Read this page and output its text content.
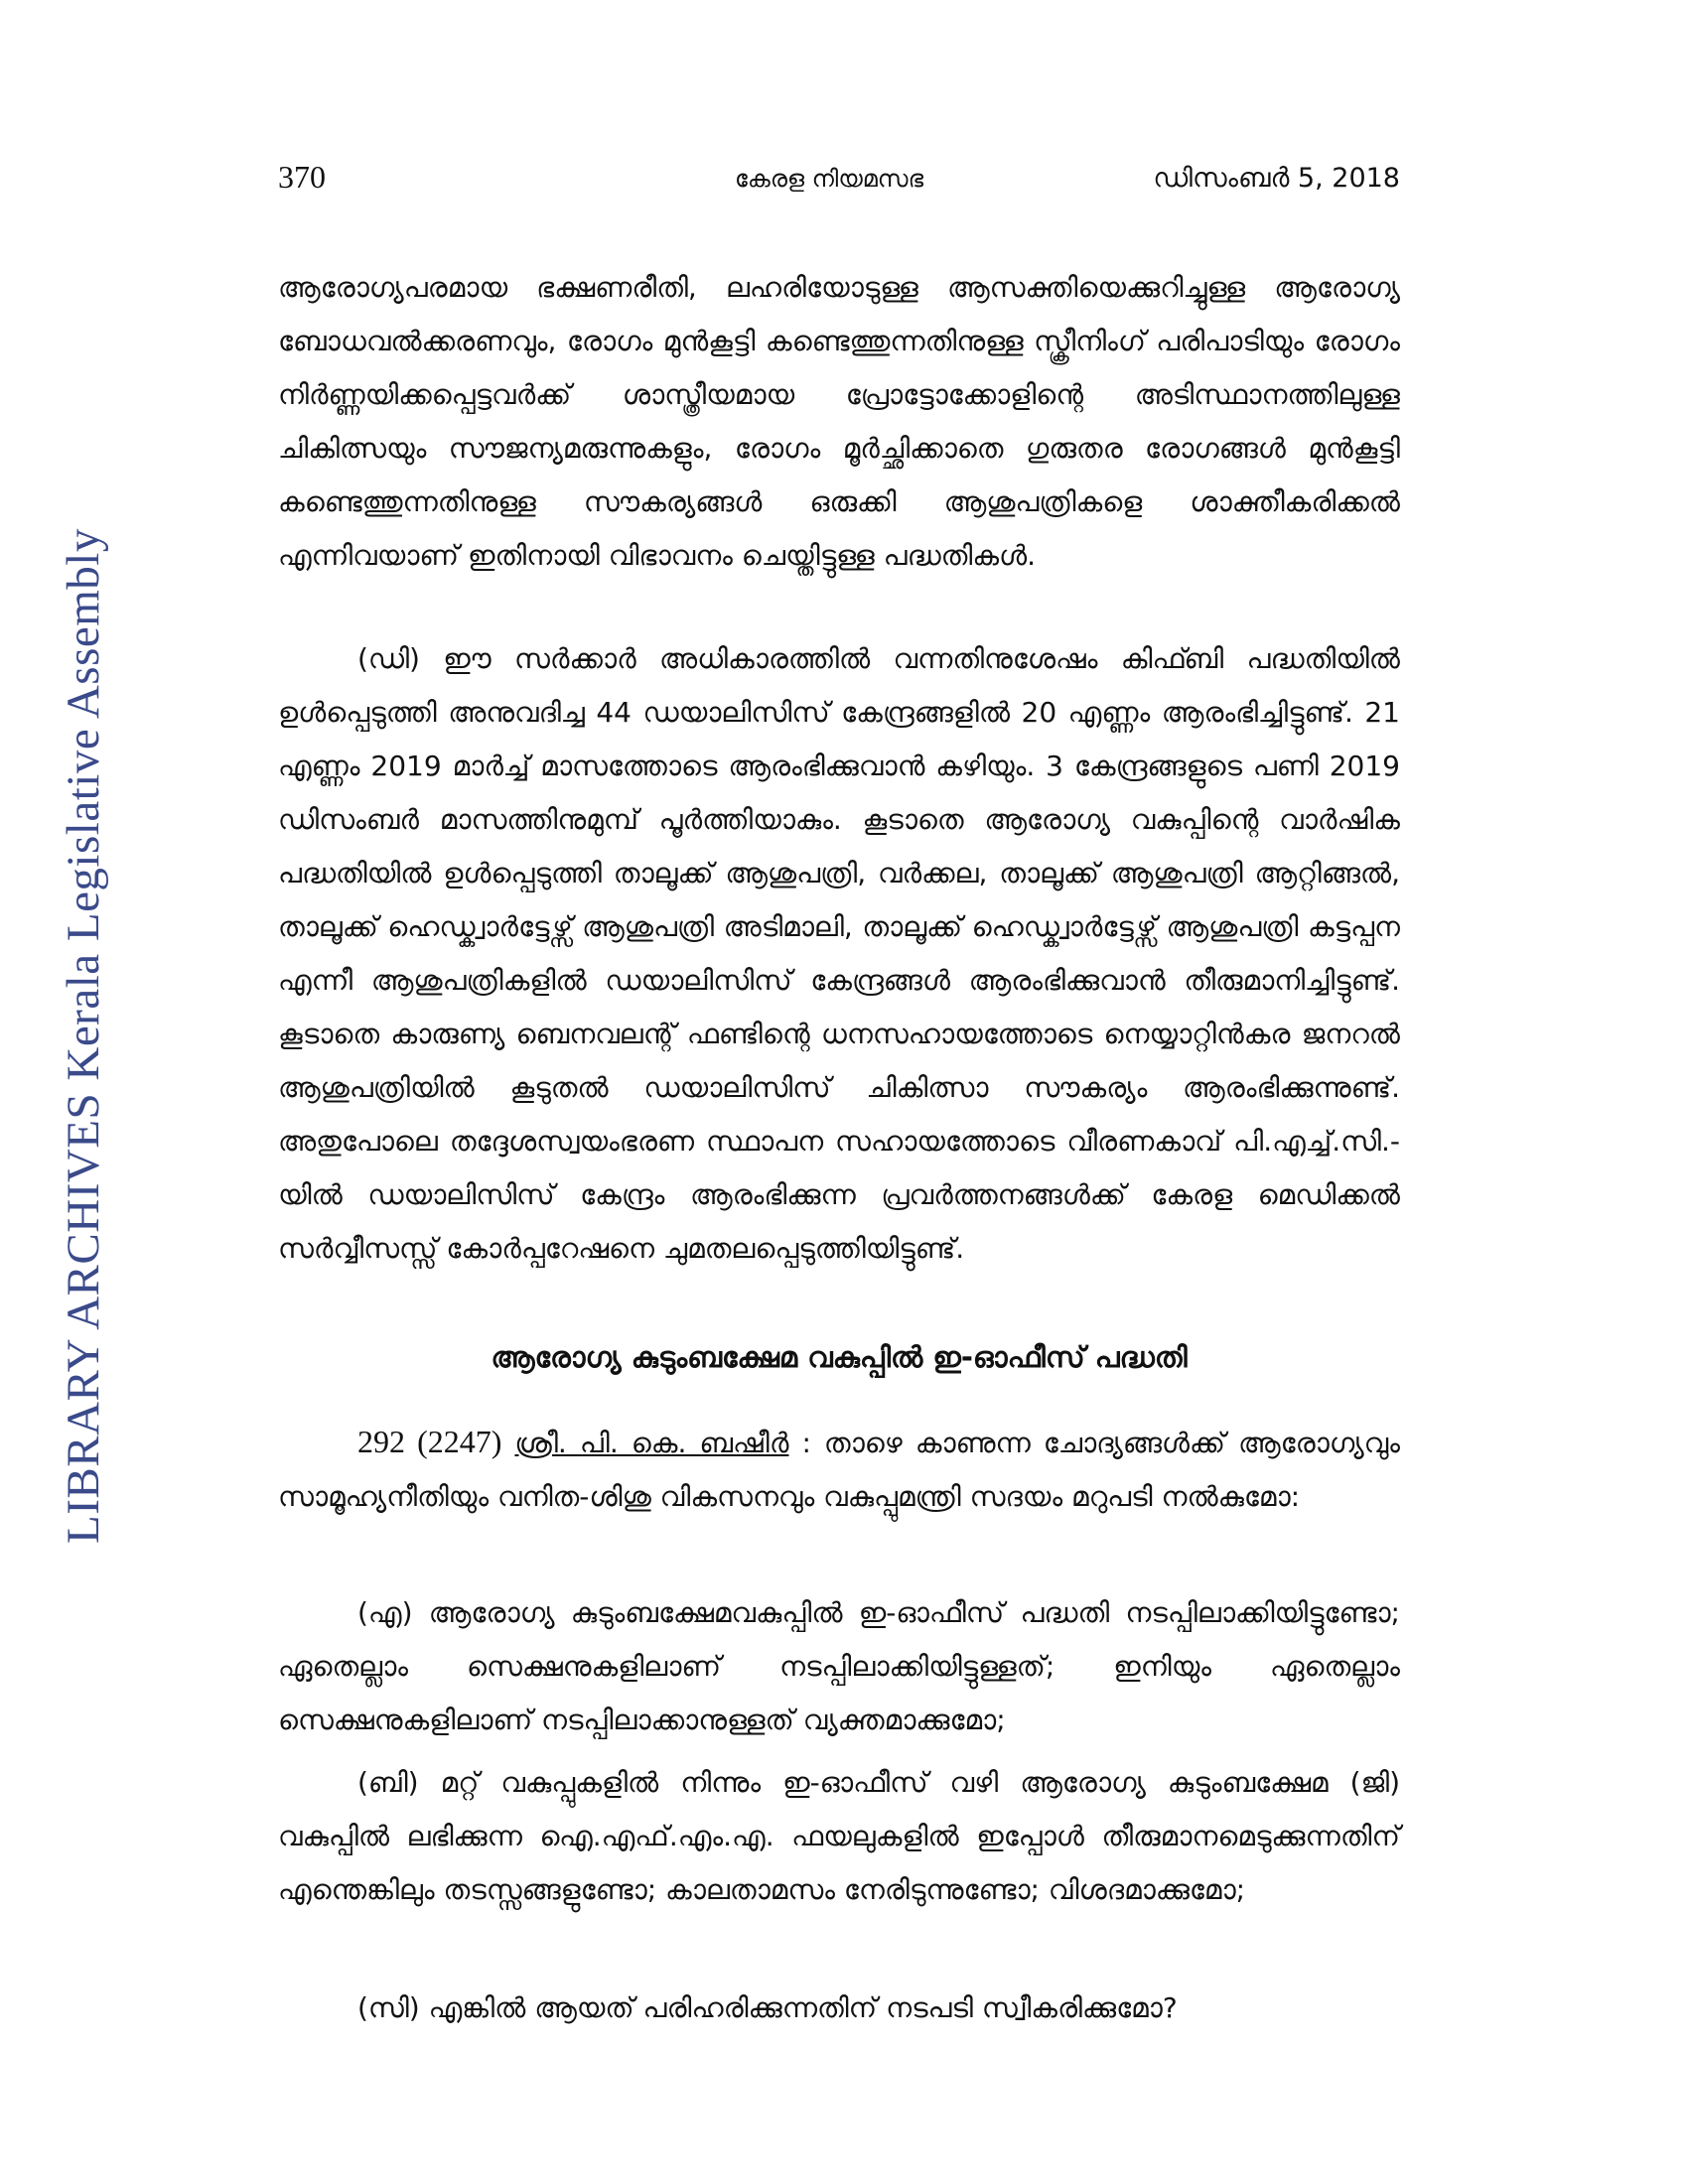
370	കേരള നിയമസഭ	ഡിസംബർ 5, 2018
LIBRARY ARCHIVES Kerala Legislative Assembly

ആരോഗ്യപരമായ ഭക്ഷണരീതി, ലഹരിയോടുള്ള ആസക്തിയെക്കുറിച്ചുള്ള ആരോഗ്യ ബോധവൽക്കരണവും, രോഗം മുൻകൂട്ടി കണ്ടെത്തുന്നതിനുള്ള സ്ക്രീനിംഗ് പരിപാടിയും രോഗം നിർണ്ണയിക്കപ്പെട്ടവർക്ക് ശാസ്ത്രീയമായ പ്രോട്ടോക്കോളിന്റെ അടിസ്ഥാനത്തിലുള്ള ചികിത്സയും സൗജന്യമരുന്നുകളും, രോഗം മൂർച്ഛിക്കാതെ ഗുരുതര രോഗങ്ങൾ മുൻകൂട്ടി കണ്ടെത്തുന്നതിനുള്ള സൗകര്യങ്ങൾ ഒരുക്കി ആശുപത്രികളെ ശാക്തീകരിക്കൽ എന്നിവയാണ് ഇതിനായി വിഭാവനം ചെയ്തിട്ടുള്ള പദ്ധതികൾ.

(ഡി) ഈ സർക്കാർ അധികാരത്തിൽ വന്നതിനുശേഷം കിഫ്ബി പദ്ധതിയിൽ ഉൾപ്പെടുത്തി അനുവദിച്ച 44 ഡയാലിസിസ് കേന്ദ്രങ്ങളിൽ 20 എണ്ണം ആരംഭിച്ചിട്ടുണ്ട്. 21 എണ്ണം 2019 മാർച്ച് മാസത്തോടെ ആരംഭിക്കുവാൻ കഴിയും. 3 കേന്ദ്രങ്ങളുടെ പണി 2019 ഡിസംബർ മാസത്തിനുമുമ്പ് പൂർത്തിയാകും. കൂടാതെ ആരോഗ്യ വകുപ്പിന്റെ വാർഷിക പദ്ധതിയിൽ ഉൾപ്പെടുത്തി താലൂക്ക് ആശുപത്രി, വർക്കല, താലൂക്ക് ആശുപത്രി ആറ്റിങ്ങൽ, താലൂക്ക് ഹെഡ്ക്വാർട്ടേഴ്സ് ആശുപത്രി അടിമാലി, താലൂക്ക് ഹെഡ്ക്വാർട്ടേഴ്സ് ആശുപത്രി കട്ടപ്പന എന്നീ ആശുപത്രികളിൽ ഡയാലിസിസ് കേന്ദ്രങ്ങൾ ആരംഭിക്കുവാൻ തീരുമാനിച്ചിട്ടുണ്ട്. കൂടാതെ കാരുണ്യ ബെനവലന്റ് ഫണ്ടിന്റെ ധനസഹായത്തോടെ നെയ്യാറ്റിൻകര ജനറൽ ആശുപത്രിയിൽ കൂടുതൽ ഡയാലിസിസ് ചികിത്സാ സൗകര്യം ആരംഭിക്കുന്നുണ്ട്. അതുപോലെ തദ്ദേശസ്വയംഭരണ സ്ഥാപന സഹായത്തോടെ വീരണകാവ് പി.എച്ച്.സി.-യിൽ ഡയാലിസിസ് കേന്ദ്രം ആരംഭിക്കുന്ന പ്രവർത്തനങ്ങൾക്ക് കേരള മെഡിക്കൽ സർവ്വീസസ്സ് കോർപ്പറേഷനെ ചുമതലപ്പെടുത്തിയിട്ടുണ്ട്.

ആരോഗ്യ കുടുംബക്ഷേമ വകുപ്പിൽ ഇ-ഓഫീസ് പദ്ധതി

292 (2247) ശ്രീ. പി. കെ. ബഷീർ : താഴെ കാണുന്ന ചോദ്യങ്ങൾക്ക് ആരോഗ്യവും സാമൂഹ്യനീതിയും വനിത-ശിശു വികസനവും വകുപ്പുമന്ത്രി സദയം മറുപടി നൽകുമോ:

(എ) ആരോഗ്യ കുടുംബക്ഷേമവകുപ്പിൽ ഇ-ഓഫീസ് പദ്ധതി നടപ്പിലാക്കിയിട്ടുണ്ടോ; ഏതെല്ലാം സെക്ഷനുകളിലാണ് നടപ്പിലാക്കിയിട്ടുള്ളത്; ഇനിയും ഏതെല്ലാം സെക്ഷനുകളിലാണ് നടപ്പിലാക്കാനുള്ളത് വ്യക്തമാക്കുമോ;

(ബി) മറ്റ് വകുപ്പുകളിൽ നിന്നും ഇ-ഓഫീസ് വഴി ആരോഗ്യ കുടുംബക്ഷേമ (ജി) വകുപ്പിൽ ലഭിക്കുന്ന ഐ.എഫ്.എം.എ. ഫയലുകളിൽ ഇപ്പോൾ തീരുമാനമെടുക്കുന്നതിന് എന്തെങ്കിലും തടസ്സങ്ങളുണ്ടോ; കാലതാമസം നേരിടുന്നുണ്ടോ; വിശദമാക്കുമോ;

(സി) എങ്കിൽ ആയത് പരിഹരിക്കുന്നതിന് നടപടി സ്വീകരിക്കുമോ?
